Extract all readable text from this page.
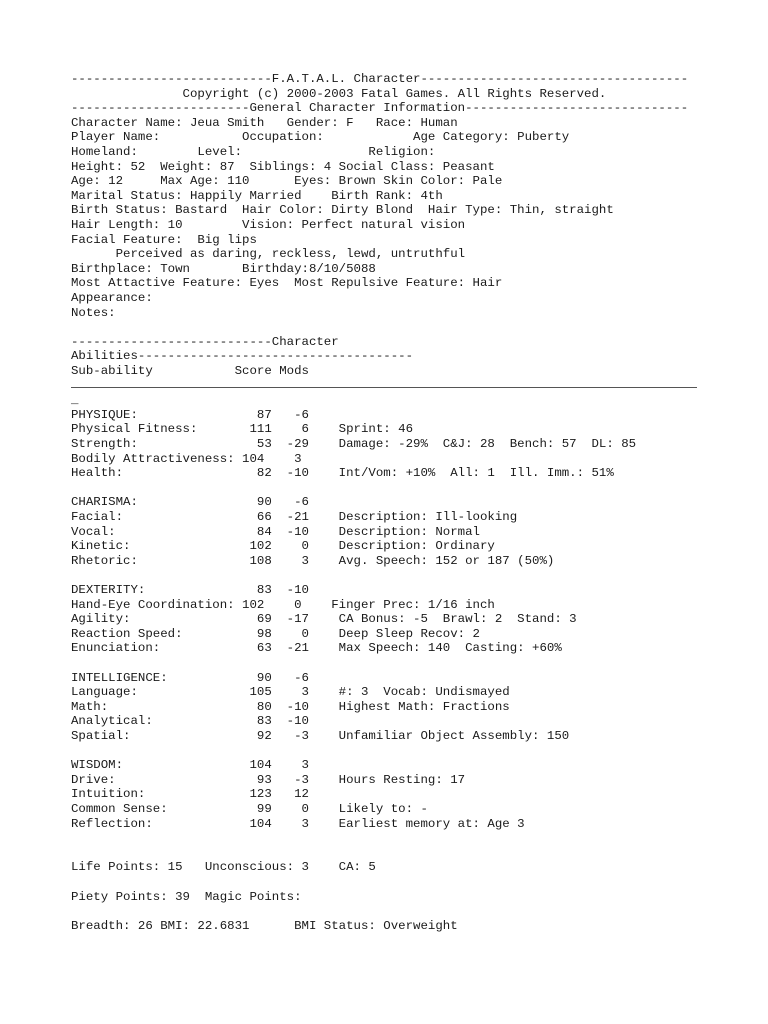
---------------------------F.A.T.A.L. Character------------------------------------
Copyright (c) 2000-2003 Fatal Games. All Rights Reserved.
------------------------General Character Information------------------------------
Character Name: Jeua Smith   Gender: F   Race: Human
Player Name:           Occupation:            Age Category: Puberty
Homeland:        Level:                 Religion:
Height: 52  Weight: 87  Siblings: 4 Social Class: Peasant
Age: 12     Max Age: 110      Eyes: Brown Skin Color: Pale
Marital Status: Happily Married    Birth Rank: 4th
Birth Status: Bastard  Hair Color: Dirty Blond  Hair Type: Thin, straight
Hair Length: 10        Vision: Perfect natural vision
Facial Feature:  Big lips
Perceived as daring, reckless, lewd, untruthful
Birthplace: Town       Birthday:8/10/5088
Most Attactive Feature: Eyes  Most Repulsive Feature: Hair
Appearance:
Notes:
---------------------------Character
Abilities-------------------------------------
Sub-ability           Score Mods
_
PHYSIQUE:                87   -6
Physical Fitness:       111    6    Sprint: 46
Strength:                53  -29    Damage: -29%  C&J: 28  Bench: 57  DL: 85
Bodily Attractiveness: 104    3
Health:                  82  -10    Int/Vom: +10%  All: 1  Ill. Imm.: 51%
CHARISMA:                90   -6
Facial:                  66  -21    Description: Ill-looking
Vocal:                   84  -10    Description: Normal
Kinetic:                102    0    Description: Ordinary
Rhetoric:               108    3    Avg. Speech: 152 or 187 (50%)
DEXTERITY:               83  -10
Hand-Eye Coordination: 102    0    Finger Prec: 1/16 inch
Agility:                 69  -17    CA Bonus: -5  Brawl: 2  Stand: 3
Reaction Speed:          98    0    Deep Sleep Recov: 2
Enunciation:             63  -21    Max Speech: 140  Casting: +60%
INTELLIGENCE:            90   -6
Language:               105    3    #: 3  Vocab: Undismayed
Math:                    80  -10    Highest Math: Fractions
Analytical:              83  -10
Spatial:                 92   -3    Unfamiliar Object Assembly: 150
WISDOM:                 104    3
Drive:                   93   -3    Hours Resting: 17
Intuition:              123   12
Common Sense:            99    0    Likely to: -
Reflection:             104    3    Earliest memory at: Age 3
Life Points: 15   Unconscious: 3    CA: 5
Piety Points: 39  Magic Points:
Breadth: 26 BMI: 22.6831      BMI Status: Overweight
